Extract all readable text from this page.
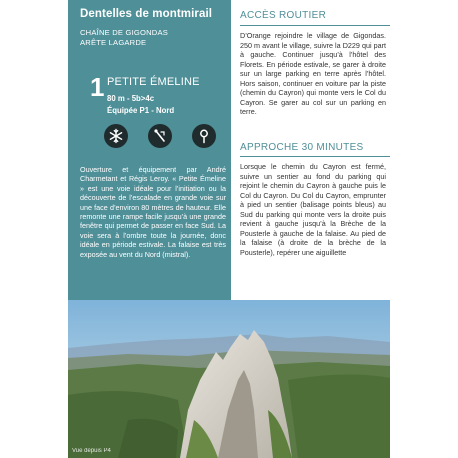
Dentelles de montmirail
CHAÎNE DE GIGONDAS
ARÊTE LAGARDE
1 PETITE ÉMELINE
80 m - 5b>4c
Équipée P1 - Nord

Ouverture et équipement par André Charmetant et Régis Leroy. « Petite Émeline » est une voie idéale pour l’initiation ou la découverte de l’escalade en grande voie sur une face d’environ 80 mètres de hauteur. Elle remonte une rampe facile jusqu’à une grande fenêtre qui permet de passer en face Sud. La voie sera à l’ombre toute la journée, donc idéale en période estivale. La falaise est très exposée au vent du Nord (mistral).

ACCÈS ROUTIER
D’Orange rejoindre le village de Gigondas. 250 m avant le village, suivre la D229 qui part à gauche. Continuer jusqu’à l’hôtel des Florets. En période estivale, se garer à droite sur un large parking en terre après l’hôtel. Hors saison, continuer en voiture par la piste (chemin du Cayron) qui monte vers le Col du Cayron. Se garer au col sur un parking en terre.
APPROCHE 30 MINUTES
Lorsque le chemin du Cayron est fermé, suivre un sentier au fond du parking qui rejoint le chemin du Cayron à gauche puis le Col du Cayron. Du Col du Cayron, emprunter à pied un sentier (balisage points bleus) au Sud du parking qui monte vers la droite puis revient à gauche jusqu’à la Brèche de la Pousterle à gauche de la falaise. Au pied de la falaise (à droite de la brèche de la Pousterle), repérer une aiguillette
Vue depuis P4
